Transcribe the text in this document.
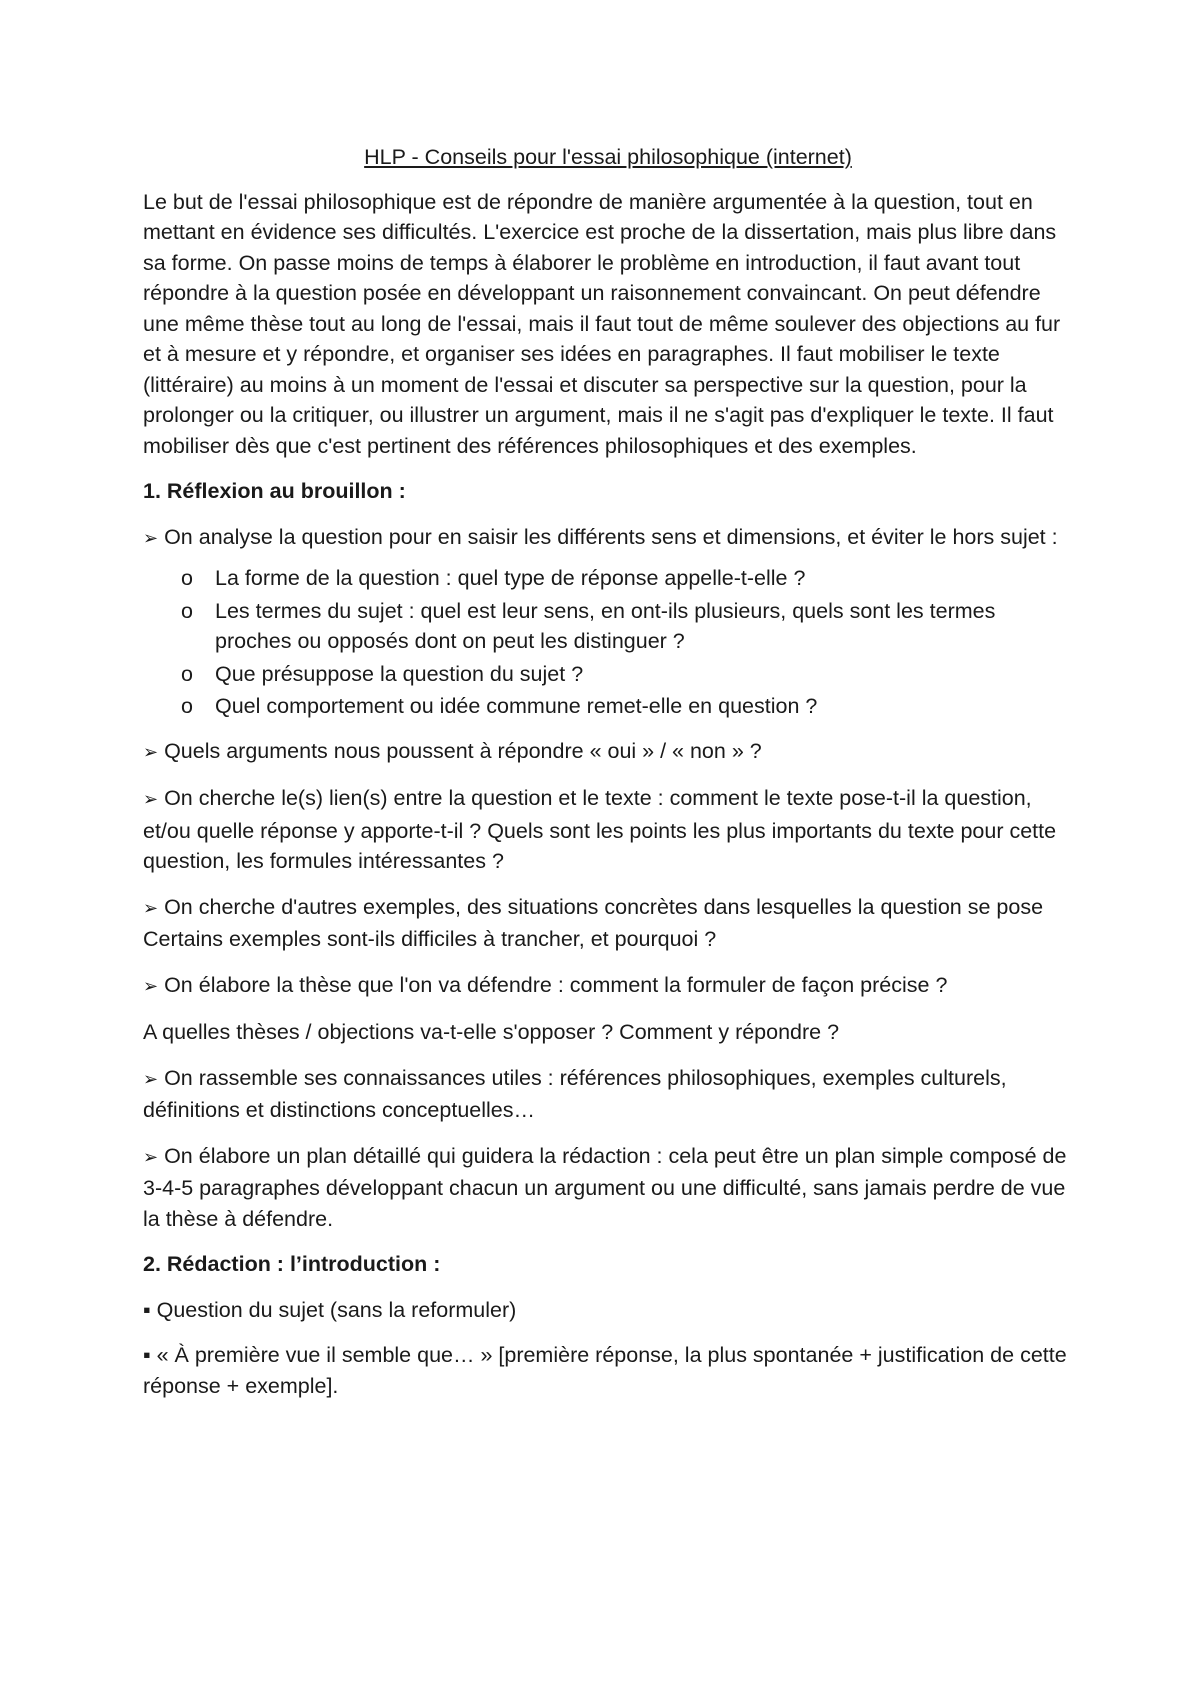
HLP - Conseils pour l'essai philosophique (internet)

Le but de l'essai philosophique est de répondre de manière argumentée à la question, tout en mettant en évidence ses difficultés. L'exercice est proche de la dissertation, mais plus libre dans sa forme. On passe moins de temps à élaborer le problème en introduction, il faut avant tout répondre à la question posée en développant un raisonnement convaincant. On peut défendre une même thèse tout au long de l'essai, mais il faut tout de même soulever des objections au fur et à mesure et y répondre, et organiser ses idées en paragraphes. Il faut mobiliser le texte (littéraire) au moins à un moment de l'essai et discuter sa perspective sur la question, pour la prolonger ou la critiquer, ou illustrer un argument, mais il ne s'agit pas d'expliquer le texte. Il faut mobiliser dès que c'est pertinent des références philosophiques et des exemples.

1. Réflexion au brouillon :

➢ On analyse la question pour en saisir les différents sens et dimensions, et éviter le hors sujet :

o La forme de la question : quel type de réponse appelle-t-elle ?
o Les termes du sujet : quel est leur sens, en ont-ils plusieurs, quels sont les termes proches ou opposés dont on peut les distinguer ?
o Que présuppose la question du sujet ?
o Quel comportement ou idée commune remet-elle en question ?

➢ Quels arguments nous poussent à répondre « oui » / « non » ?

➢ On cherche le(s) lien(s) entre la question et le texte : comment le texte pose-t-il la question, et/ou quelle réponse y apporte-t-il ? Quels sont les points les plus importants du texte pour cette question, les formules intéressantes ?

➢ On cherche d'autres exemples, des situations concrètes dans lesquelles la question se pose Certains exemples sont-ils difficiles à trancher, et pourquoi ?

➢ On élabore la thèse que l'on va défendre : comment la formuler de façon précise ?

A quelles thèses / objections va-t-elle s'opposer ? Comment y répondre ?

➢ On rassemble ses connaissances utiles : références philosophiques, exemples culturels, définitions et distinctions conceptuelles…

➢ On élabore un plan détaillé qui guidera la rédaction : cela peut être un plan simple composé de 3-4-5 paragraphes développant chacun un argument ou une difficulté, sans jamais perdre de vue la thèse à défendre.

2. Rédaction : l’introduction :

▪ Question du sujet (sans la reformuler)

▪ « À première vue il semble que… » [première réponse, la plus spontanée + justification de cette réponse + exemple].
